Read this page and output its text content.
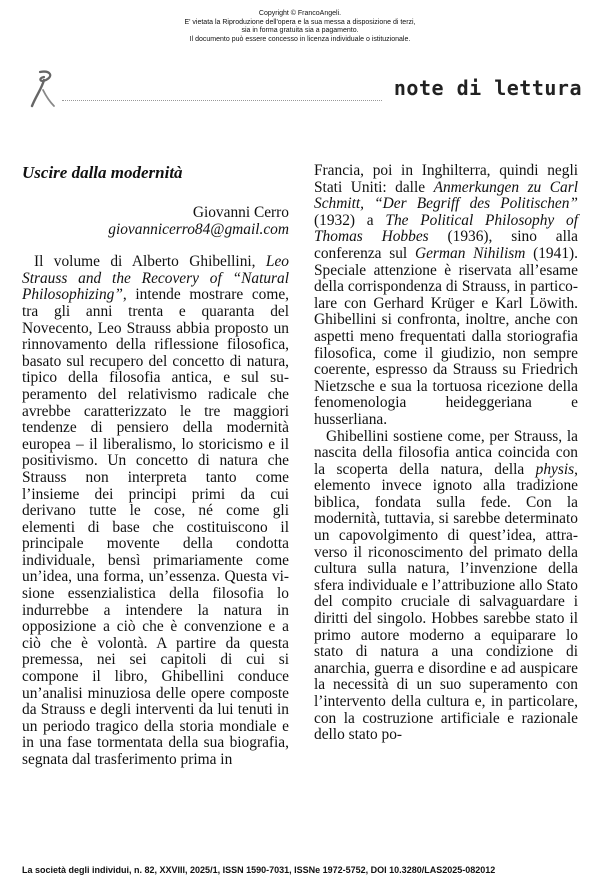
Copyright © FrancoAngeli.
E' vietata la Riproduzione dell'opera e la sua messa a disposizione di terzi,
sia in forma gratuita sia a pagamento.
Il documento può essere concesso in licenza individuale o istituzionale.
note di lettura
Uscire dalla modernità

Giovanni Cerro

giovannicerro84@gmail.com

Il volume di Alberto Ghibellini, Leo Strauss and the Recovery of “Natural Philosophizing”, intende mostrare come, tra gli anni trenta e quaranta del Novecento, Leo Strauss abbia proposto un rinnovamento della riflessione filosofica, basato sul recupero del concetto di natura, tipico della filosofia antica, e sul superamento del relativismo radicale che avrebbe caratterizzato le tre maggiori tendenze di pensiero della modernità europea – il liberalismo, lo storicismo e il positivismo. Un concetto di natura che Strauss non interpreta tanto come l’insieme dei principi primi da cui derivano tutte le cose, né come gli elementi di base che costituiscono il principale movente della condotta individuale, bensì primariamente come un’idea, una forma, un’essenza. Questa visione essenzialistica della filosofia lo indurrebbe a intendere la natura in opposizione a ciò che è convenzione e a ciò che è volontà. A partire da questa premessa, nei sei capitoli di cui si compone il libro, Ghibellini conduce un’analisi minuziosa delle opere composte da Strauss e degli interventi da lui tenuti in un periodo tragico della storia mondiale e in una fase tormentata della sua biografia, segnata dal trasferimento prima in

Francia, poi in Inghilterra, quindi negli Stati Uniti: dalle Anmerkungen zu Carl Schmitt, “Der Begriff des Politischen” (1932) a The Political Philosophy of Thomas Hobbes (1936), sino alla conferenza sul German Nihilism (1941). Speciale attenzione è riservata all’esame della corrispondenza di Strauss, in particolare con Gerhard Krüger e Karl Löwith. Ghibellini si confronta, inoltre, anche con aspetti meno frequentati dalla storiografia filosofica, come il giudizio, non sempre coerente, espresso da Strauss su Friedrich Nietzsche e sua la tortuosa ricezione della fenomenologia heideggeriana e husserliana.

Ghibellini sostiene come, per Strauss, la nascita della filosofia antica coincida con la scoperta della natura, della physis, elemento invece ignoto alla tradizione biblica, fondata sulla fede. Con la modernità, tuttavia, si sarebbe determinato un capovolgimento di quest’idea, attraverso il riconoscimento del primato della cultura sulla natura, l’invenzione della sfera individuale e l’attribuzione allo Stato del compito cruciale di salvaguardare i diritti del singolo. Hobbes sarebbe stato il primo autore moderno a equiparare lo stato di natura a una condizione di anarchia, guerra e disordine e ad auspicare la necessità di un suo superamento con l’intervento della cultura e, in particolare, con la costruzione artificiale e razionale dello stato po-

La società degli individui, n. 82, XXVIII, 2025/1, ISSN 1590-7031, ISSNe 1972-5752, DOI 10.3280/LAS2025-082012
